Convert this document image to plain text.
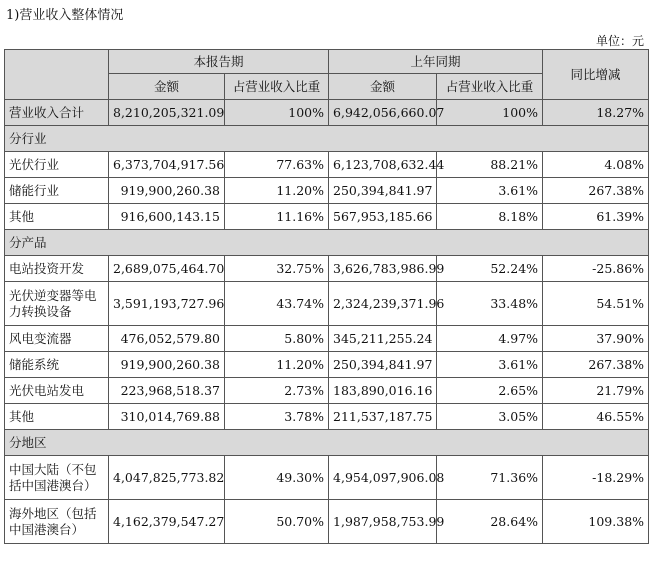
1)营业收入整体情况
单位：元
	本报告期		上年同期		同比增减
	金额	占营业收入比重	金额	占营业收入比重	
营业收入合计	8,210,205,321.09	100%	6,942,056,660.07	100%	18.27%
分行业					
光伏行业	6,373,704,917.56	77.63%	6,123,708,632.44	88.21%	4.08%
储能行业	919,900,260.38	11.20%	250,394,841.97	3.61%	267.38%
其他	916,600,143.15	11.16%	567,953,185.66	8.18%	61.39%
分产品					
电站投资开发	2,689,075,464.70	32.75%	3,626,783,986.99	52.24%	-25.86%
光伏逆变器等电力转换设备	3,591,193,727.96	43.74%	2,324,239,371.96	33.48%	54.51%
风电变流器	476,052,579.80	5.80%	345,211,255.24	4.97%	37.90%
储能系统	919,900,260.38	11.20%	250,394,841.97	3.61%	267.38%
光伏电站发电	223,968,518.37	2.73%	183,890,016.16	2.65%	21.79%
其他	310,014,769.88	3.78%	211,537,187.75	3.05%	46.55%
分地区					
中国大陆（不包括中国港澳台）	4,047,825,773.82	49.30%	4,954,097,906.08	71.36%	-18.29%
海外地区（包括中国港澳台）	4,162,379,547.27	50.70%	1,987,958,753.99	28.64%	109.38%
